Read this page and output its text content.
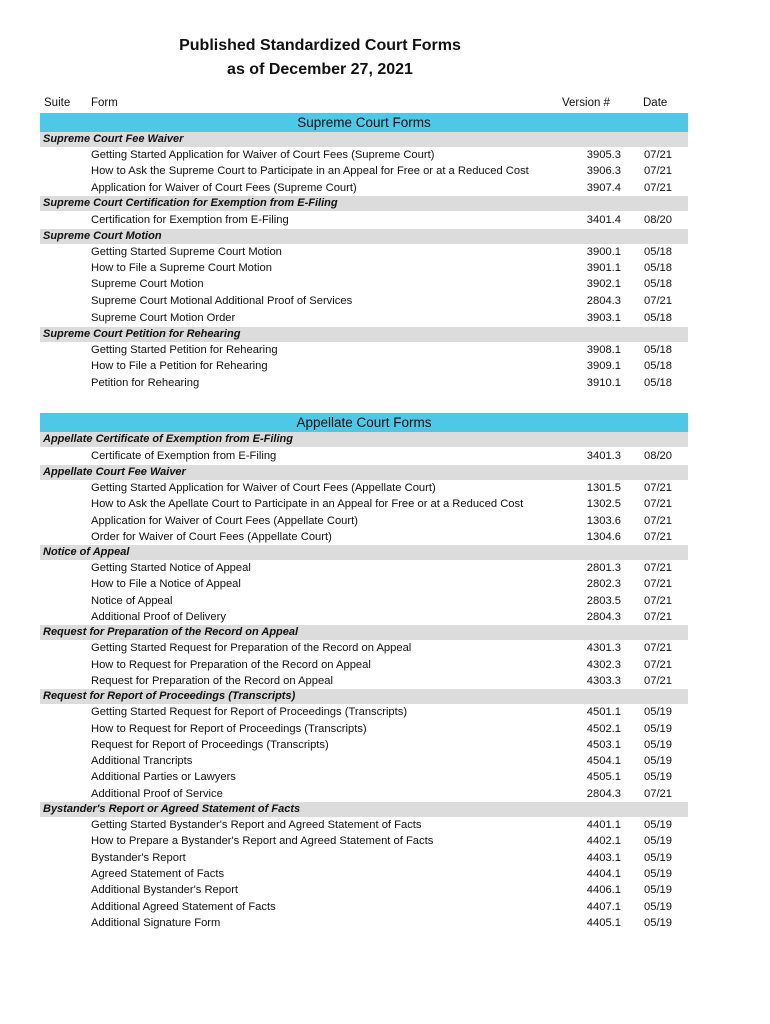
Published Standardized Court Forms
as of December 27, 2021
Suite Form	Version #	Date
Supreme Court Forms
Supreme Court Fee Waiver
Getting Started Application for Waiver of Court Fees (Supreme Court)	3905.3	07/21
How to Ask the Supreme Court to Participate in an Appeal for Free or at a Reduced Cost	3906.3	07/21
Application for Waiver of Court Fees (Supreme Court)	3907.4	07/21
Supreme Court Certification for Exemption from E-Filing
Certification for Exemption from E-Filing	3401.4	08/20
Supreme Court Motion
Getting Started Supreme Court Motion	3900.1	05/18
How to File a Supreme Court Motion	3901.1	05/18
Supreme Court Motion	3902.1	05/18
Supreme Court Motional Additional Proof of Services	2804.3	07/21
Supreme Court Motion Order	3903.1	05/18
Supreme Court Petition for Rehearing
Getting Started Petition for Rehearing	3908.1	05/18
How to File a Petition for Rehearing	3909.1	05/18
Petition for Rehearing	3910.1	05/18
Appellate Court Forms
Appellate Certificate of Exemption from E-Filing
Certificate of Exemption from E-Filing	3401.3	08/20
Appellate Court Fee Waiver
Getting Started Application for Waiver of Court Fees (Appellate Court)	1301.5	07/21
How to Ask the Apellate Court to Participate in an Appeal for Free or at a Reduced Cost	1302.5	07/21
Application for Waiver of Court Fees (Appellate Court)	1303.6	07/21
Order for Waiver of Court Fees (Appellate Court)	1304.6	07/21
Notice of Appeal
Getting Started Notice of Appeal	2801.3	07/21
How to File a Notice of Appeal	2802.3	07/21
Notice of Appeal	2803.5	07/21
Additional Proof of Delivery	2804.3	07/21
Request for Preparation of the Record on Appeal
Getting Started Request for Preparation of the Record on Appeal	4301.3	07/21
How to Request for Preparation of the Record on Appeal	4302.3	07/21
Request for Preparation of the Record on Appeal	4303.3	07/21
Request for Report of Proceedings (Transcripts)
Getting Started Request for Report of Proceedings (Transcripts)	4501.1	05/19
How to Request for Report of Proceedings (Transcripts)	4502.1	05/19
Request for Report of Proceedings (Transcripts)	4503.1	05/19
Additional Trancripts	4504.1	05/19
Additional Parties or Lawyers	4505.1	05/19
Additional Proof of Service	2804.3	07/21
Bystander's Report or Agreed Statement of Facts
Getting Started Bystander's Report and Agreed Statement of Facts	4401.1	05/19
How to Prepare a Bystander's Report and Agreed Statement of Facts	4402.1	05/19
Bystander's Report	4403.1	05/19
Agreed Statement of Facts	4404.1	05/19
Additional Bystander's Report	4406.1	05/19
Additional Agreed Statement of Facts	4407.1	05/19
Additional Signature Form	4405.1	05/19
